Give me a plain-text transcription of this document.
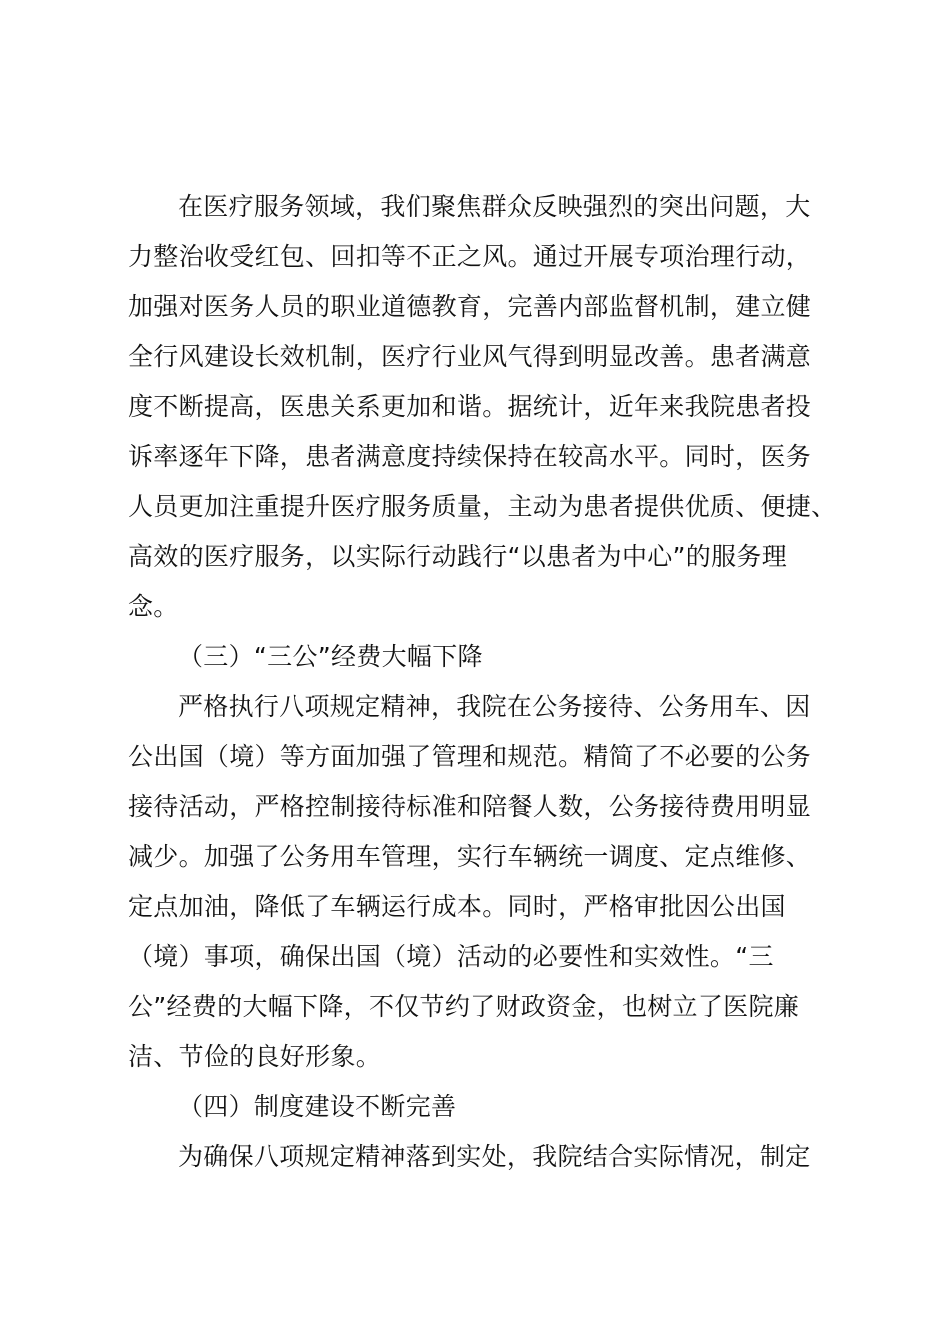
在医疗服务领域，我们聚焦群众反映强烈的突出问题，大
力整治收受红包、回扣等不正之风。通过开展专项治理行动，
加强对医务人员的职业道德教育，完善内部监督机制，建立健
全行风建设长效机制，医疗行业风气得到明显改善。患者满意
度不断提高，医患关系更加和谐。据统计，近年来我院患者投
诉率逐年下降，患者满意度持续保持在较高水平。同时，医务
人员更加注重提升医疗服务质量，主动为患者提供优质、便捷、
高效的医疗服务，以实际行动践行“以患者为中心”的服务理
念。
（三）“三公”经费大幅下降
严格执行八项规定精神，我院在公务接待、公务用车、因
公出国（境）等方面加强了管理和规范。精简了不必要的公务
接待活动，严格控制接待标准和陪餐人数，公务接待费用明显
减少。加强了公务用车管理，实行车辆统一调度、定点维修、
定点加油，降低了车辆运行成本。同时，严格审批因公出国
（境）事项，确保出国（境）活动的必要性和实效性。“三
公”经费的大幅下降，不仅节约了财政资金，也树立了医院廉
洁、节俭的良好形象。
（四）制度建设不断完善
为确保八项规定精神落到实处，我院结合实际情况，制定
